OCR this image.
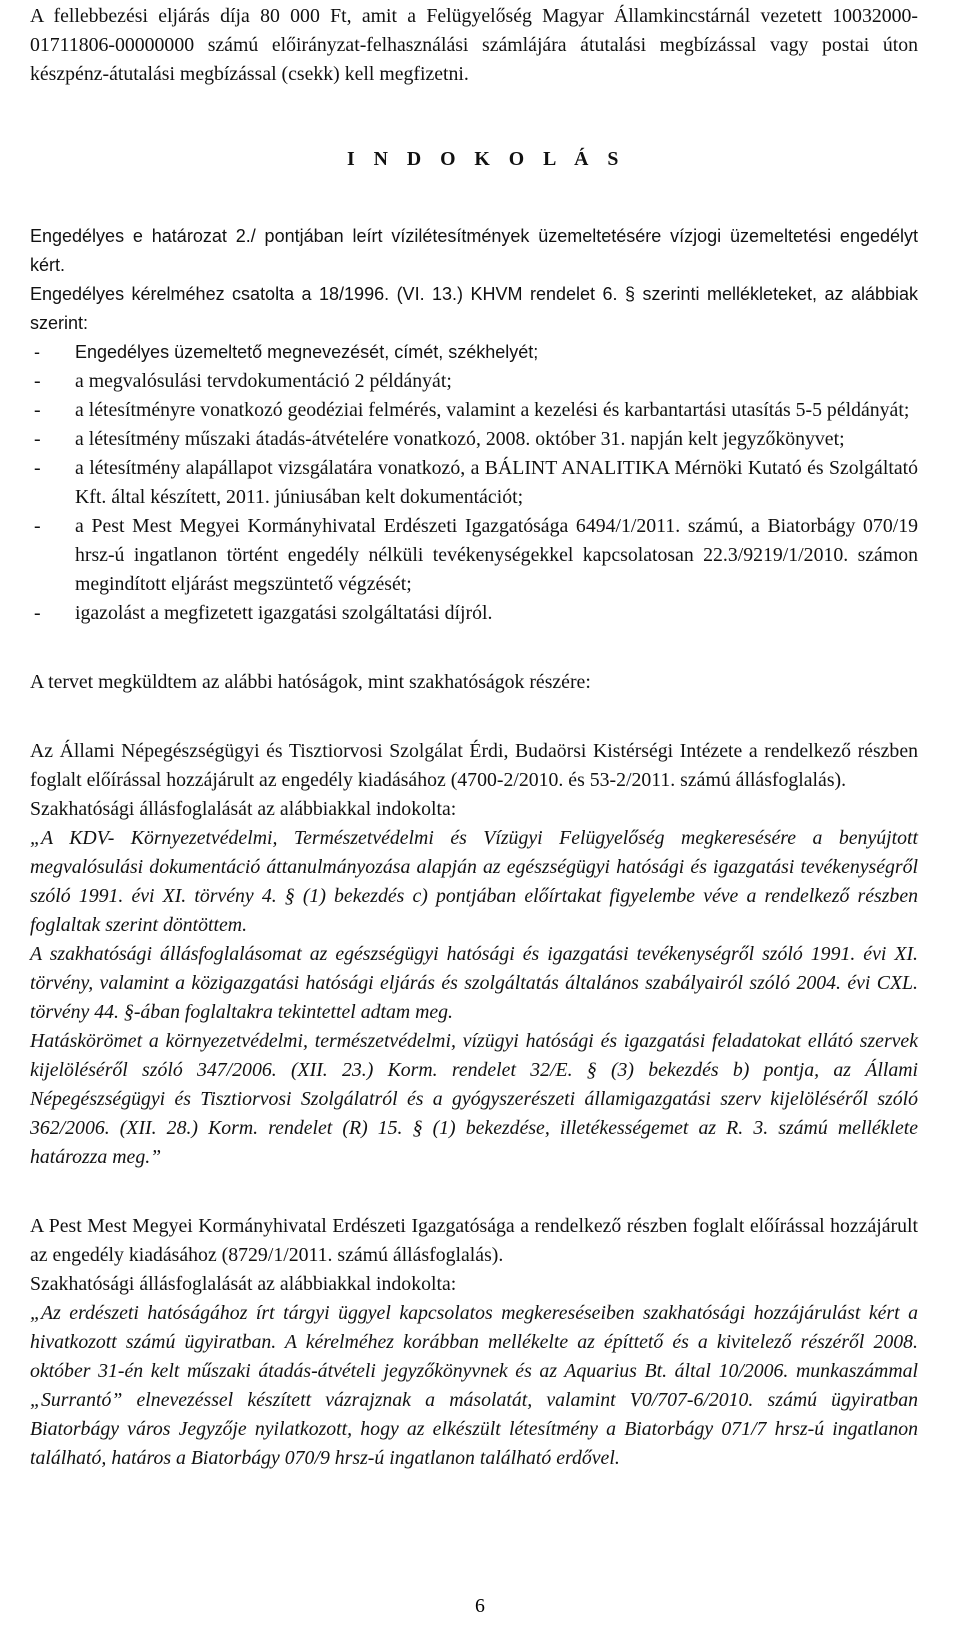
A fellebbezési eljárás díja 80 000 Ft, amit a Felügyelőség Magyar Államkincstárnál vezetett 10032000-01711806-00000000 számú előirányzat-felhasználási számlájára átutalási megbízással vagy postai úton készpénz-átutalási megbízással (csekk) kell megfizetni.

I N D O K O L Á S

Engedélyes e határozat 2./ pontjában leírt vízilétesítmények üzemeltetésére vízjogi üzemeltetési engedélyt kért.

Engedélyes kérelméhez csatolta a 18/1996. (VI. 13.) KHVM rendelet 6. § szerinti mellékleteket, az alábbiak szerint:

- Engedélyes üzemeltető megnevezését, címét, székhelyét;
- a megvalósulási tervdokumentáció 2 példányát;
- a létesítményre vonatkozó geodéziai felmérés, valamint a kezelési és karbantartási utasítás 5-5 példányát;
- a létesítmény műszaki átadás-átvételére vonatkozó, 2008. október 31. napján kelt jegyzőkönyvet;
- a létesítmény alapállapot vizsgálatára vonatkozó, a BÁLINT ANALITIKA Mérnöki Kutató és Szolgáltató Kft. által készített, 2011. júniusában kelt dokumentációt;
- a Pest Mest Megyei Kormányhivatal Erdészeti Igazgatósága 6494/1/2011. számú, a Biatorbágy 070/19 hrsz-ú ingatlanon történt engedély nélküli tevékenységekkel kapcsolatosan 22.3/9219/1/2010. számon megindított eljárást megszüntető végzését;
- igazolást a megfizetett igazgatási szolgáltatási díjról.

A tervet megküldtem az alábbi hatóságok, mint szakhatóságok részére:

Az Állami Népegészségügyi és Tisztiorvosi Szolgálat Érdi, Budaörsi Kistérségi Intézete a rendelkező részben foglalt előírással hozzájárult az engedély kiadásához (4700-2/2010. és 53-2/2011. számú állásfoglalás).

Szakhatósági állásfoglalását az alábbiakkal indokolta:

„A KDV- Környezetvédelmi, Természetvédelmi és Vízügyi Felügyelőség megkeresésére a benyújtott megvalósulási dokumentáció áttanulmányozása alapján az egészségügyi hatósági és igazgatási tevékenységről szóló 1991. évi XI. törvény 4. § (1) bekezdés c) pontjában előírtakat figyelembe véve a rendelkező részben foglaltak szerint döntöttem.

A szakhatósági állásfoglalásomat az egészségügyi hatósági és igazgatási tevékenységről szóló 1991. évi XI. törvény, valamint a közigazgatási hatósági eljárás és szolgáltatás általános szabályairól szóló 2004. évi CXL. törvény 44. §-ában foglaltakra tekintettel adtam meg.

Hatáskörömet a környezetvédelmi, természetvédelmi, vízügyi hatósági és igazgatási feladatokat ellátó szervek kijelöléséről szóló 347/2006. (XII. 23.) Korm. rendelet 32/E. § (3) bekezdés b) pontja, az Állami Népegészségügyi és Tisztiorvosi Szolgálatról és a gyógyszerészeti államigazgatási szerv kijelöléséről szóló 362/2006. (XII. 28.) Korm. rendelet (R) 15. § (1) bekezdése, illetékességemet az R. 3. számú melléklete határozza meg.”

A Pest Mest Megyei Kormányhivatal Erdészeti Igazgatósága a rendelkező részben foglalt előírással hozzájárult az engedély kiadásához (8729/1/2011. számú állásfoglalás).

Szakhatósági állásfoglalását az alábbiakkal indokolta:

„Az erdészeti hatóságához írt tárgyi üggyel kapcsolatos megkereséseiben szakhatósági hozzájárulást kért a hivatkozott számú ügyiratban. A kérelméhez korábban mellékelte az építtető és a kivitelező részéről 2008. október 31-én kelt műszaki átadás-átvételi jegyzőkönyvnek és az Aquarius Bt. által 10/2006. munkaszámmal „Surrantó” elnevezéssel készített vázrajznak a másolatát, valamint V0/707-6/2010. számú ügyiratban Biatorbágy város Jegyzője nyilatkozott, hogy az elkészült létesítmény a Biatorbágy 071/7 hrsz-ú ingatlanon található, határos a Biatorbágy 070/9 hrsz-ú ingatlanon található erdővel.

6
